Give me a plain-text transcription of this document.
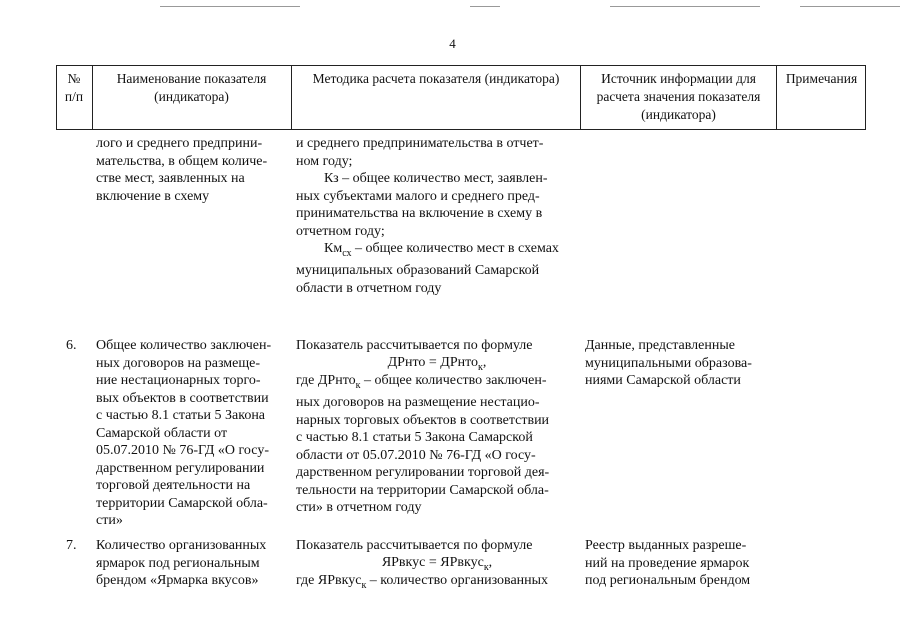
4
№
п/п
Наименование показателя
(индикатора)
Методика расчета показателя (индикатора)	Источник информации для
расчета значения показателя
(индикатора)
Примечания
лого и среднего предприни-
мательства, в общем количе-
стве мест, заявленных на
включение в схему
и среднего предпринимательства в отчет-
ном году;
Кз – общее количество мест, заявлен-
ных субъектами малого и среднего пред-
принимательства на включение в схему в
отчетном году;
$Км_{сх}$ – общее количество мест в схемах
муниципальных образований Самарской
области в отчетном году
6. Общее количество заключен-
ных договоров на размеще-
ние нестационарных торго-
вых объектов в соответствии
с частью 8.1 статьи 5 Закона
Самарской области от
05.07.2010 № 76-ГД «О госу-
дарственном регулировании
торговой деятельности на
территории Самарской обла-
сти»
Показатель рассчитывается по формуле
ДРнто = ДРнто$_к$,
где ДРнто$_к$ – общее количество заключен-
ных договоров на размещение нестацио-
нарных торговых объектов в соответствии
с частью 8.1 статьи 5 Закона Самарской
области от 05.07.2010 № 76-ГД «О госу-
дарственном регулировании торговой дея-
тельности на территории Самарской обла-
сти» в отчетном году
Данные, представленные
муниципальными образова-
ниями Самарской области
7. Количество организованных
ярмарок под региональным
брендом «Ярмарка вкусов»
Показатель рассчитывается по формуле
ЯРвкус = ЯРвкус$_к$,
где ЯРвкус$_к$ – количество организованных
Реестр выданных разреше-
ний на проведение ярмарок
под региональным брендом
